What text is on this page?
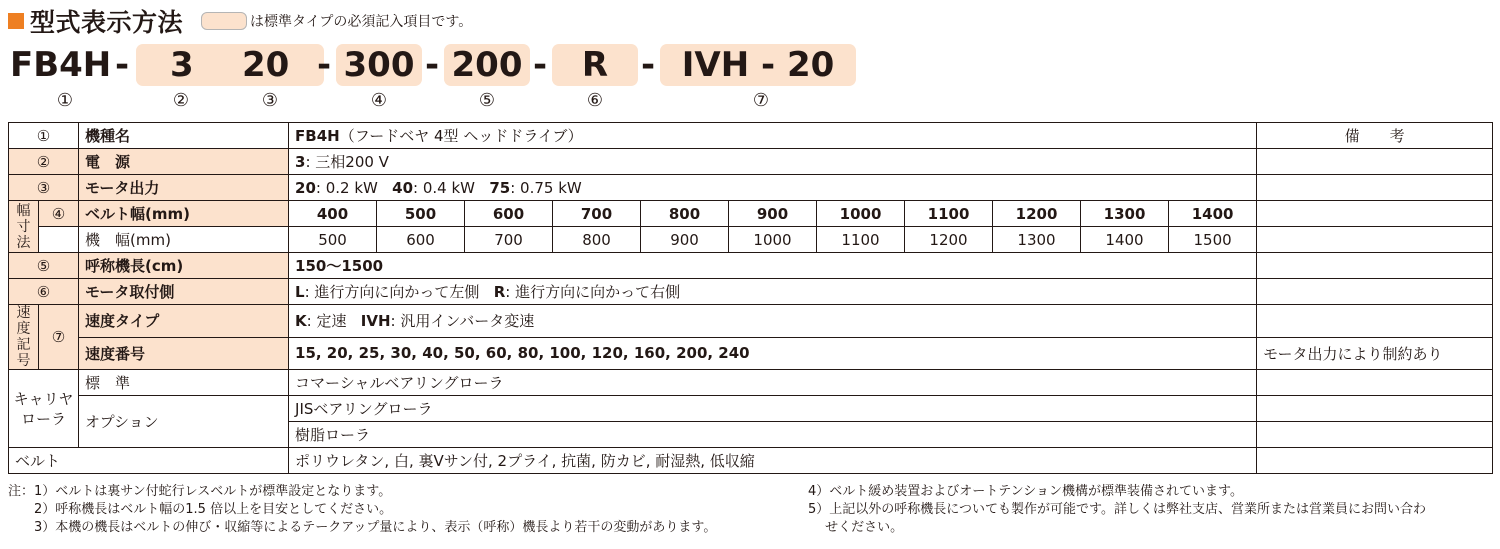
型式表示方法	は標準タイプの必須記入項目です。
FB4H - 3 20 - 300 - 200 -	R - IVH - 20
①	②	③	④	⑤	⑥	⑦
①		機種名	FB4H（フードベヤ 4型 ヘッドドライブ）											備　　考
②		電　源	3: 三相200 V											
③		モータ出力	20: 0.2 kW 40: 0.4 kW 75: 0.75 kW											

幅
寸
法	④	ベルト幅(mm)	400	500	600	700	800	900	1000	1100	1200	1300	1400	
		機　幅(mm)	500	600	700	800	900	1000	1100	1200	1300	1400	1500	
⑤		呼称機長(cm)	150～1500											
⑥		モータ取付側	L: 進行方向に向かって左側 R: 進行方向に向かって右側											

速
度
記
号	⑦	速度タイプ	K: 定速 IVH: 汎用インバータ変速											
		速度番号	15, 20, 25, 30, 40, 50, 60, 80, 100, 120, 160, 200, 240											モータ出力により制約あり

キャリヤ
ローラ		標　準	コマーシャルベアリングローラ											
		オプション	JISベアリングローラ											
			樹脂ローラ											
ベルト			ポリウレタン, 白, 裏Vサン付, 2プライ, 抗菌, 防カビ, 耐湿熱, 低収縮											
注：1）ベルトは裏サン付蛇行レスベルトが標準設定となります。
　　2）呼称機長はベルト幅の1.5 倍以上を目安としてください。
　　3）本機の機長はベルトの伸び・収縮等によるテークアップ量により、表示（呼称）機長より若干の変動があります。
4）ベルト緩め装置およびオートテンション機構が標準装備されています。
5）上記以外の呼称機長についても製作が可能です。詳しくは弊社支店、営業所または営業員にお問い合わ
　 せください。
